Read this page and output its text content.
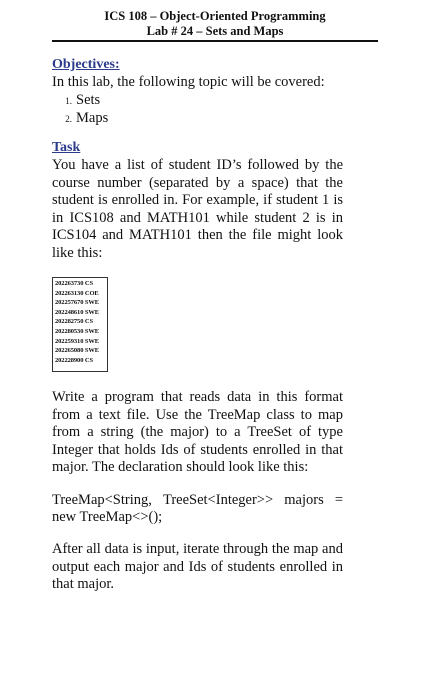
ICS 108 – Object-Oriented Programming
Lab # 24 – Sets and Maps
Objectives:
In this lab, the following topic will be covered:
1. Sets
2. Maps
Task

You have a list of student ID’s followed by the course number (separated by a space) that the student is enrolled in. For example, if student 1 is in ICS108 and MATH101 while student 2 is in ICS104 and MATH101 then the file might look like this:

202263730 CS
202263130 COE
202257670 SWE
202248610 SWE
202282750 CS
202280530 SWE
202259310 SWE
202265080 SWE
202228900 CS

Write a program that reads data in this format from a text file. Use the TreeMap class to map from a string (the major) to a TreeSet of type Integer that holds Ids of students enrolled in that major. The declaration should look like this:

TreeMap<String, TreeSet<Integer>> majors =
new TreeMap<>();

After all data is input, iterate through the map and output each major and Ids of students enrolled in that major.
